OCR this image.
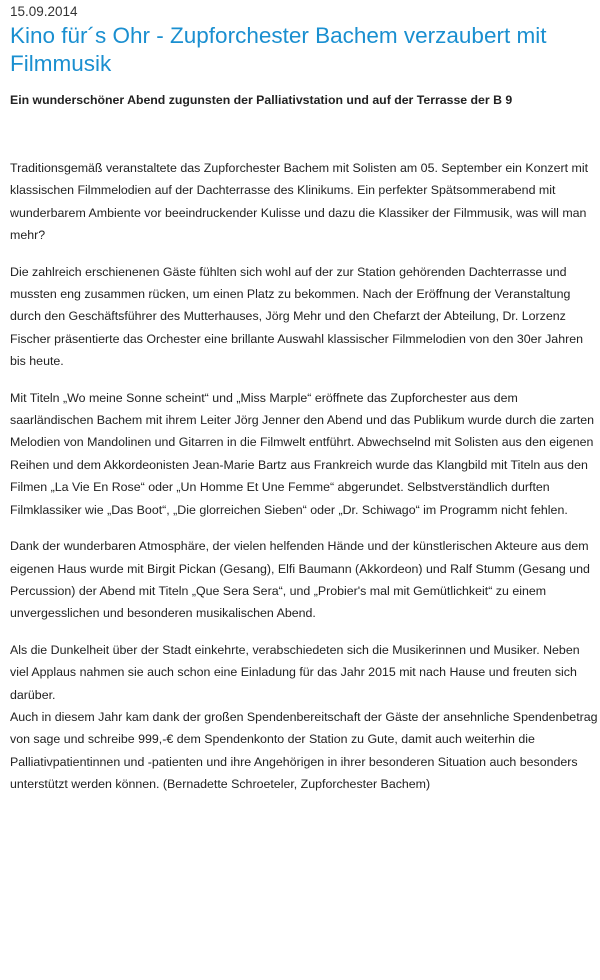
15.09.2014
Kino für´s Ohr - Zupforchester Bachem verzaubert mit Filmmusik
Ein wunderschöner Abend zugunsten der Palliativstation und auf der Terrasse der B 9

Traditionsgemäß veranstaltete das Zupforchester Bachem mit Solisten am 05. September ein Konzert mit klassischen Filmmelodien auf der Dachterrasse des Klinikums. Ein perfekter Spätsommerabend mit wunderbarem Ambiente vor beeindruckender Kulisse und dazu die Klassiker der Filmmusik, was will man mehr?

Die zahlreich erschienenen Gäste fühlten sich wohl auf der zur Station gehörenden Dachterrasse und mussten eng zusammen rücken, um einen Platz zu bekommen. Nach der Eröffnung der Veranstaltung durch den Geschäftsführer des Mutterhauses, Jörg Mehr und den Chefarzt der Abteilung, Dr. Lorzenz Fischer präsentierte das Orchester eine brillante Auswahl klassischer Filmmelodien von den 30er Jahren bis heute.

Mit Titeln „Wo meine Sonne scheint“ und „Miss Marple“ eröffnete das Zupforchester aus dem saarländischen Bachem mit ihrem Leiter Jörg Jenner den Abend und das Publikum wurde durch die zarten Melodien von Mandolinen und Gitarren in die Filmwelt entführt. Abwechselnd mit Solisten aus den eigenen Reihen und dem Akkordeonisten Jean-Marie Bartz aus Frankreich wurde das Klangbild mit Titeln aus den Filmen „La Vie En Rose“ oder „Un Homme Et Une Femme“ abgerundet. Selbstverständlich durften Filmklassiker wie „Das Boot“, „Die glorreichen Sieben“ oder „Dr. Schiwago“ im Programm nicht fehlen.

Dank der wunderbaren Atmosphäre, der vielen helfenden Hände und der künstlerischen Akteure aus dem eigenen Haus wurde mit Birgit Pickan (Gesang), Elfi Baumann (Akkordeon) und Ralf Stumm (Gesang und Percussion) der Abend mit Titeln „Que Sera Sera“, und „Probier's mal mit Gemütlichkeit“ zu einem unvergesslichen und besonderen musikalischen Abend.

Als die Dunkelheit über der Stadt einkehrte, verabschiedeten sich die Musikerinnen und Musiker. Neben viel Applaus nahmen sie auch schon eine Einladung für das Jahr 2015 mit nach Hause und freuten sich darüber.

Auch in diesem Jahr kam dank der großen Spendenbereitschaft der Gäste der ansehnliche Spendenbetrag von sage und schreibe 999,-€ dem Spendenkonto der Station zu Gute, damit auch weiterhin die Palliativpatientinnen und -patienten und ihre Angehörigen in ihrer besonderen Situation auch besonders unterstützt werden können. (Bernadette Schroeteler, Zupforchester Bachem)
